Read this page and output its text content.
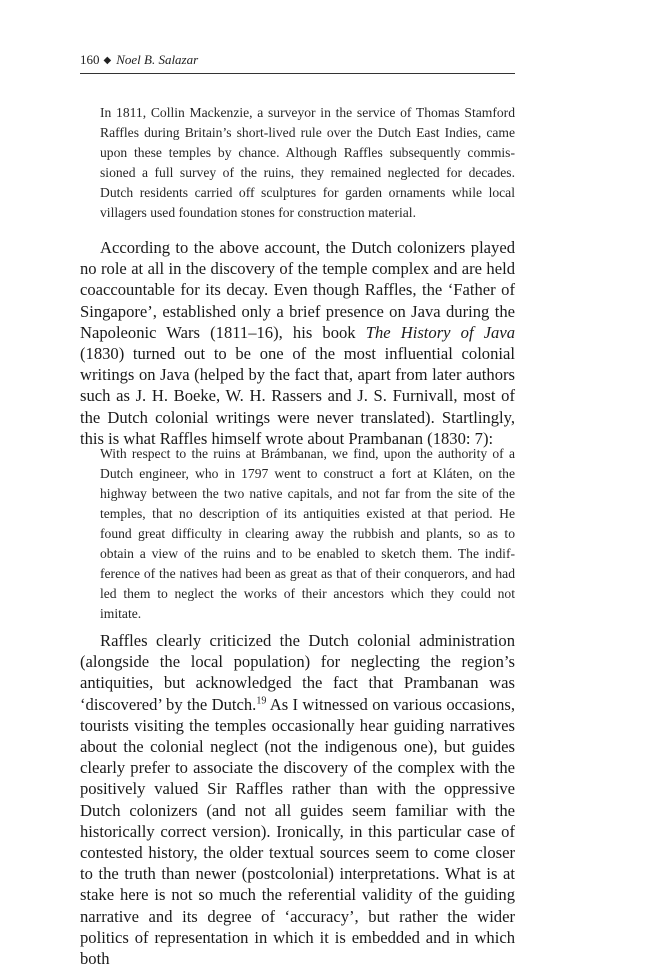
160 ◆ Noel B. Salazar

In 1811, Collin Mackenzie, a surveyor in the service of Thomas Stamford Raffles during Britain’s short-lived rule over the Dutch East Indies, came upon these temples by chance. Although Raffles subsequently commissioned a full survey of the ruins, they remained neglected for decades. Dutch residents carried off sculptures for garden ornaments while local villagers used foundation stones for construction material.

According to the above account, the Dutch colonizers played no role at all in the discovery of the temple complex and are held coaccountable for its decay. Even though Raffles, the ‘Father of Singapore’, established only a brief presence on Java during the Napoleonic Wars (1811–16), his book The History of Java (1830) turned out to be one of the most influential colonial writings on Java (helped by the fact that, apart from later authors such as J. H. Boeke, W. H. Rassers and J. S. Furnivall, most of the Dutch colonial writings were never translated). Startlingly, this is what Raffles himself wrote about Prambanan (1830: 7):

With respect to the ruins at Brámbanan, we find, upon the authority of a Dutch engineer, who in 1797 went to construct a fort at Kláten, on the highway between the two native capitals, and not far from the site of the temples, that no description of its antiquities existed at that period. He found great difficulty in clearing away the rubbish and plants, so as to obtain a view of the ruins and to be enabled to sketch them. The indifference of the natives had been as great as that of their conquerors, and had led them to neglect the works of their ancestors which they could not imitate.

Raffles clearly criticized the Dutch colonial administration (alongside the local population) for neglecting the region’s antiquities, but acknowledged the fact that Prambanan was ‘discovered’ by the Dutch.$^{19}$ As I witnessed on various occasions, tourists visiting the temples occasionally hear guiding narratives about the colonial neglect (not the indigenous one), but guides clearly prefer to associate the discovery of the complex with the positively valued Sir Raffles rather than with the oppressive Dutch colonizers (and not all guides seem familiar with the historically correct version). Ironically, in this particular case of contested history, the older textual sources seem to come closer to the truth than newer (postcolonial) interpretations. What is at stake here is not so much the referential validity of the guiding narrative and its degree of ‘accuracy’, but rather the wider politics of representation in which it is embedded and in which both
